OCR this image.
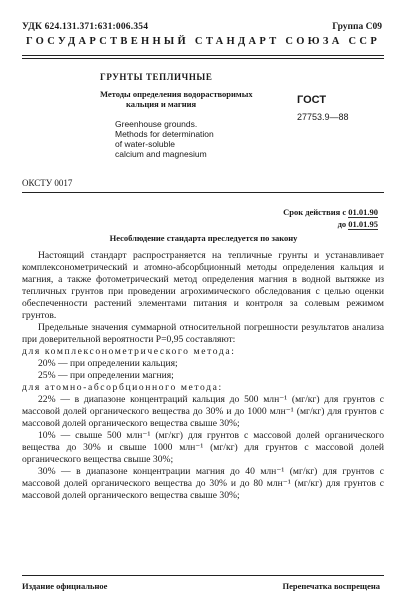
УДК 624.131.371:631:006.354	Группа С09
ГОСУДАРСТВЕННЫЙ СТАНДАРТ СОЮЗА ССР
ГРУНТЫ ТЕПЛИЧНЫЕ
Методы определения водорастворимых
кальция и магния
Greenhouse grounds.
Methods for determination
of water-soluble
calcium and magnesium
ГОСТ
27753.9—88
ОКСТУ 0017
Срок действия с 01.01.90
до 01.01.95
Несоблюдение стандарта преследуется по закону

Настоящий стандарт распространяется на тепличные грунты и устанавливает комплексонометрический и атомно-абсорбционный методы определения кальция и магния, а также фотометрический метод определения магния в водной вытяжке из тепличных грунтов при проведении агрохимического обследования с целью оценки обеспеченности растений элементами питания и контроля за солевым режимом грунтов.

Предельные значения суммарной относительной погрешности результатов анализа при доверительной вероятности P=0,95 составляют:

для комплексонометрического метода:

20% — при определении кальция;

25% — при определении магния;

для атомно-абсорбционного метода:

22% — в диапазоне концентраций кальция до 500 млн⁻¹ (мг/кг) для грунтов с массовой долей органического вещества до 30% и до 1000 млн⁻¹ (мг/кг) для грунтов с массовой долей органического вещества свыше 30%;

10% — свыше 500 млн⁻¹ (мг/кг) для грунтов с массовой долей органического вещества до 30% и свыше 1000 млн⁻¹ (мг/кг) для грунтов с массовой долей органического вещества свыше 30%;

30% — в диапазоне концентрации магния до 40 млн⁻¹ (мг/кг) для грунтов с массовой долей органического вещества до 30% и до 80 млн⁻¹ (мг/кг) для грунтов с массовой долей органического вещества свыше 30%;

Издание официальное	Перепечатка воспрещена
